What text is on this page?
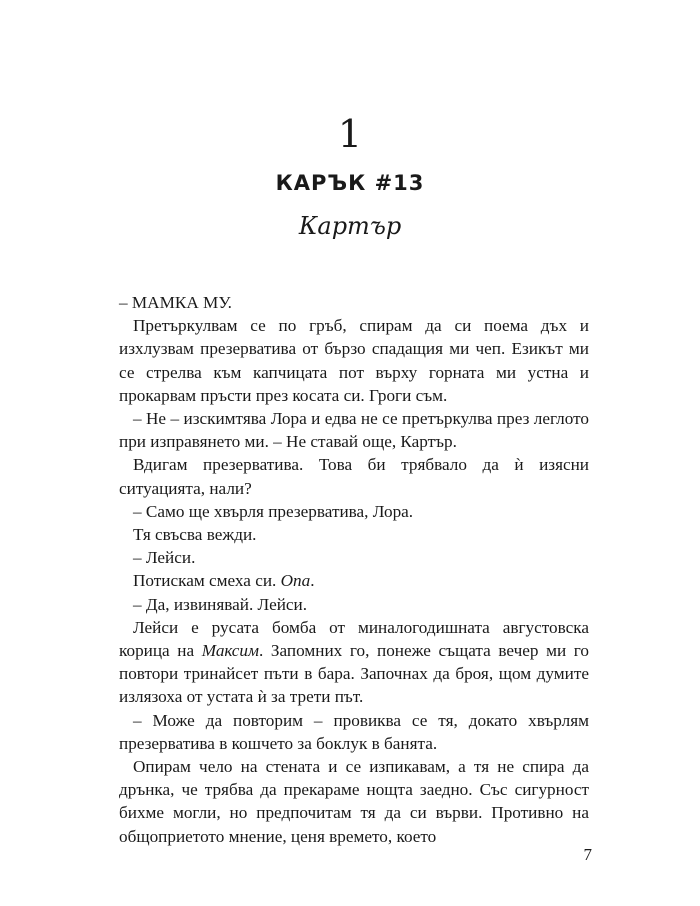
1
КАРЪК #13
Картър

– МАМКА МУ.

Претъркулвам се по гръб, спирам да си поема дъх и изхлузвам презерватива от бързо спадащия ми чеп. Езикът ми се стрелва към капчицата пот върху горната ми устна и прокарвам пръсти през косата си. Гроги съм.

– Не – изскимтява Лора и едва не се претъркулва през леглото при изправянето ми. – Не ставай още, Картър.

Вдигам презерватива. Това би трябвало да ѝ изясни ситуацията, нали?

– Само ще хвърля презерватива, Лора.

Тя свъсва вежди.

– Лейси.

Потискам смеха си. Опа.

– Да, извинявай. Лейси.

Лейси е русата бомба от миналогодишната августовска корица на Максим. Запомних го, понеже същата вечер ми го повтори тринайсет пъти в бара. Започнах да броя, щом думите излязоха от устата ѝ за трети път.

– Може да повторим – провиква се тя, докато хвърлям презерватива в кошчето за боклук в банята.

Опирам чело на стената и се изпикавам, а тя не спира да дрънка, че трябва да прекараме нощта заедно. Със сигурност бихме могли, но предпочитам тя да си върви. Противно на общоприетото мнение, ценя времето, което

7
